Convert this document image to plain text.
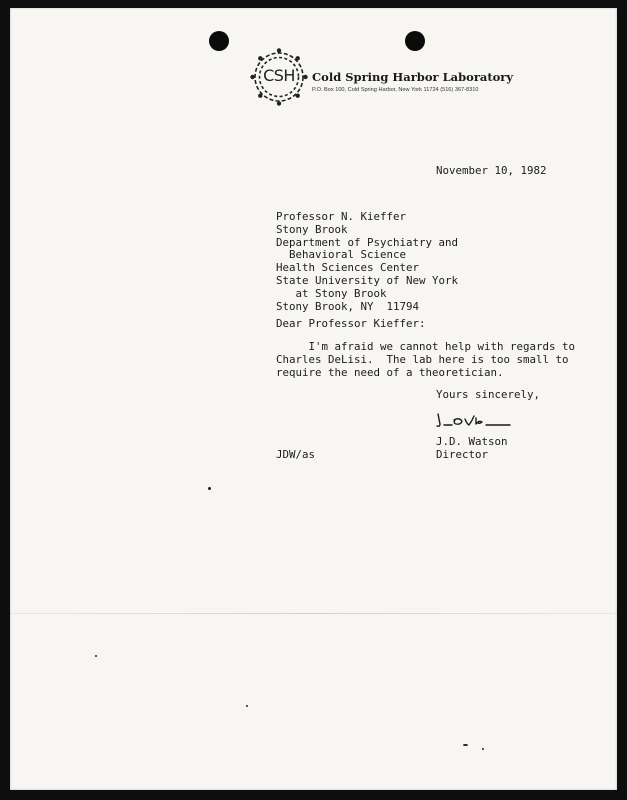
CSH	Cold Spring Harbor Laboratory
P.O. Box 100, Cold Spring Harbor, New York 11724 (516) 367-8310
November 10, 1982
Professor N. Kieffer
Stony Brook
Department of Psychiatry and
Behavioral Science
Health Sciences Center
State University of New York
at Stony Brook
Stony Brook, NY  11794
Dear Professor Kieffer:
I'm afraid we cannot help with regards to
Charles DeLisi.  The lab here is too small to
require the need of a theoretician.
Yours sincerely,
J.D. Watson
Director
JDW/as
